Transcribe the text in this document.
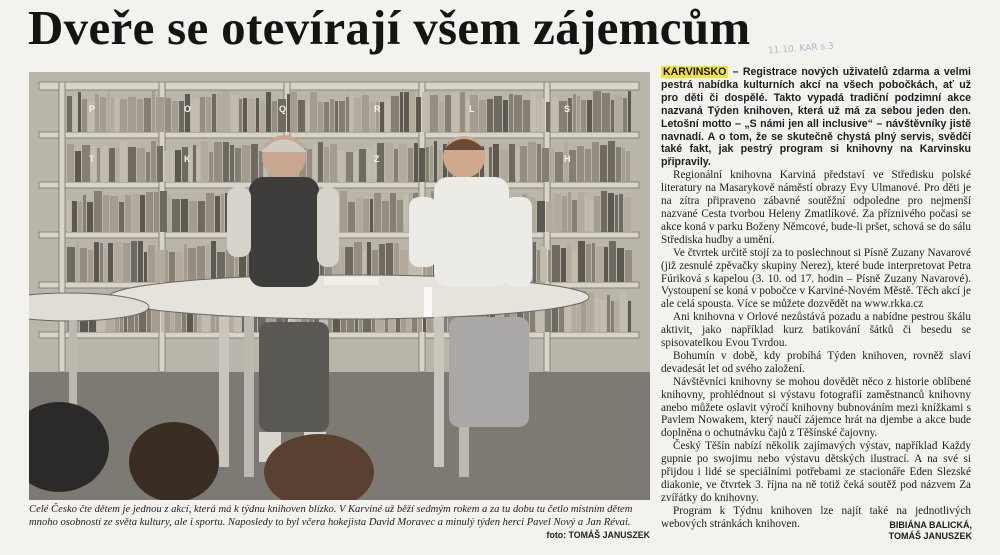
Dveře se otevírají všem zájemcům	11.10. KAR s.3
P	O	Q	R	L	S
T	K	Z	H
Celé Česko čte dětem je jednou z akcí, která má k týdnu knihoven blízko. V Karviné už běží sedmým rokem a za tu dobu tu četlo místním dětem mnoho osobností ze světa kultury, ale i sportu. Naposledy to byl včera hokejista David Moravec a minulý týden herci Pavel Nový a Jan Révai.
foto: TOMÁŠ JANUSZEK

KARVINSKO – Registrace nových uživatelů zdarma a velmi pestrá nabídka kulturních akcí na všech pobočkách, ať už pro děti či dospělé. Takto vypadá tradiční podzimní akce nazvaná Týden knihoven, která už má za sebou jeden den. Letošní motto – „S námi jen all inclusive“ – návštěvníky jistě navnadí. A o tom, že se skutečně chystá plný servis, svědčí také fakt, jak pestrý program si knihovny na Karvinsku připravily.

Regionální knihovna Karviná představí ve Středisku polské literatury na Masarykově náměstí obrazy Evy Ulmanové. Pro děti je na zítra připraveno zábavné soutěžní odpoledne pro nejmenší nazvané Cesta tvorbou Heleny Zmatlíkové. Za příznivého počasí se akce koná v parku Boženy Němcové, bude-li pršet, schová se do sálu Střediska hudby a umění.

Ve čtvrtek určitě stojí za to poslechnout si Písně Zuzany Navarové (již zesnulé zpěvačky skupiny Nerez), které bude interpretovat Petra Fúriková s kapelou (3. 10. od 17. hodin – Písně Zuzany Navarové). Vystoupení se koná v pobočce v Karviné-Novém Městě. Těch akcí je ale celá spousta. Více se můžete dozvědět na www.rkka.cz

Ani knihovna v Orlové nezůstává pozadu a nabídne pestrou škálu aktivit, jako například kurz batikování šátků či besedu se spisovatelkou Evou Tvrdou.

Bohumín v době, kdy probíhá Týden knihoven, rovněž slaví devadesát let od svého založení.

Návštěvníci knihovny se mohou dovědět něco z historie oblíbené knihovny, prohlédnout si výstavu fotografií zaměstnanců knihovny anebo můžete oslavit výročí knihovny bubnováním mezi knížkami s Pavlem Nowakem, který naučí zájemce hrát na djembe a akce bude doplněna o ochutnávku čajů z Těšínské čajovny.

Český Těšín nabízí několik zajímavých výstav, například Každy gupnie po swojimu nebo výstavu dětských ilustrací. A na své si přijdou i lidé se speciálními potřebami ze stacionáře Eden Slezské diakonie, ve čtvrtek 3. října na ně totiž čeká soutěž pod názvem Za zvířátky do knihovny.

Program k Týdnu knihoven lze najít také na jednotlivých webových stránkách knihoven.	BIBIÁNA BALICKÁ,
TOMÁŠ JANUSZEK
